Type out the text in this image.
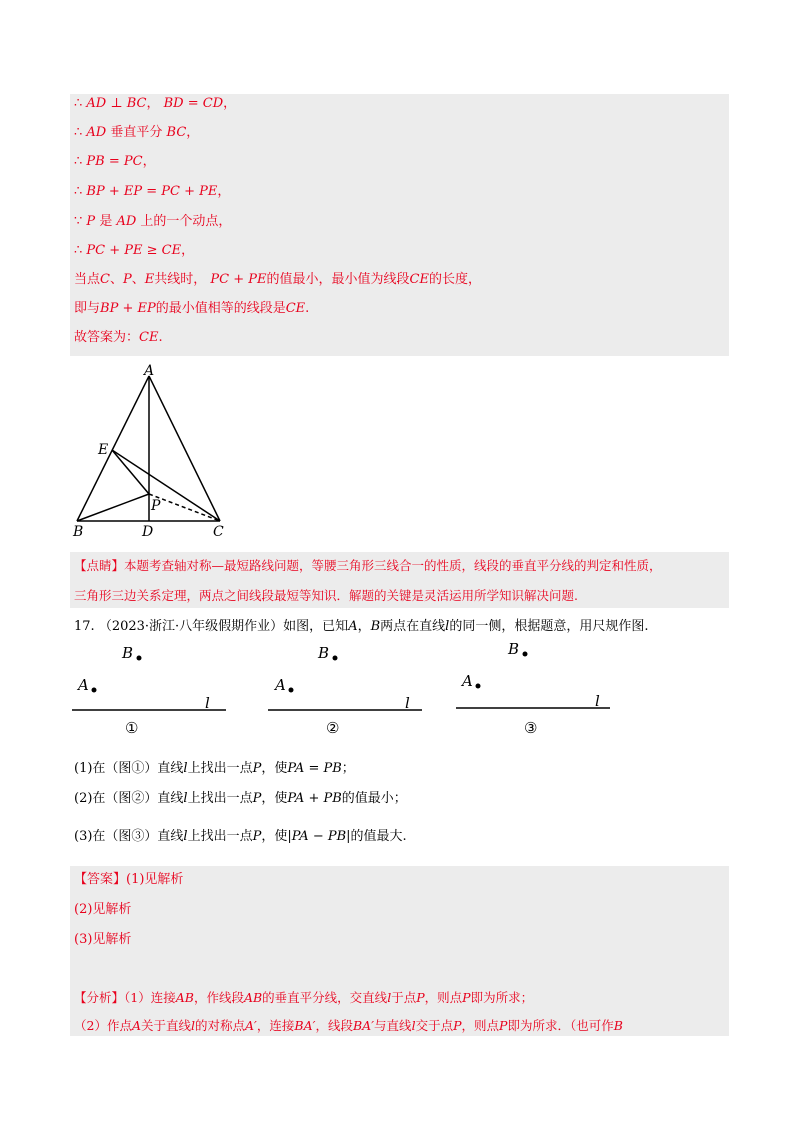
∴ AD ⊥ BC， BD = CD，
∴ AD 垂直平分 BC，
∴ PB = PC，
∴ BP + EP = PC + PE，
∵ P 是 AD 上的一个动点，
∴ PC + PE ≥ CE，
当点C、P、E共线时， PC + PE的值最小，最小值为线段CE的长度，
即与BP + EP的最小值相等的线段是CE.
故答案为：CE.
A
E
B	D	C
P
【点睛】本题考查轴对称—最短路线问题，等腰三角形三线合一的性质，线段的垂直平分线的判定和性质，
三角形三边关系定理，两点之间线段最短等知识．解题的关键是灵活运用所学知识解决问题.
17. （2023·浙江·八年级假期作业）如图，已知A，B两点在直线l的同一侧，根据题意，用尺规作图.
B
A
l
①
B
A
l
②
B
A
l
③
(1)在（图①）直线l上找出一点P，使PA = PB；
(2)在（图②）直线l上找出一点P，使PA + PB的值最小；
(3)在（图③）直线l上找出一点P，使|PA − PB|的值最大.
【答案】(1)见解析
(2)见解析
(3)见解析
【分析】（1）连接AB，作线段AB的垂直平分线，交直线l于点P，则点P即为所求；
（2）作点A关于直线l的对称点A′，连接BA′，线段BA′与直线l交于点P，则点P即为所求．（也可作B
